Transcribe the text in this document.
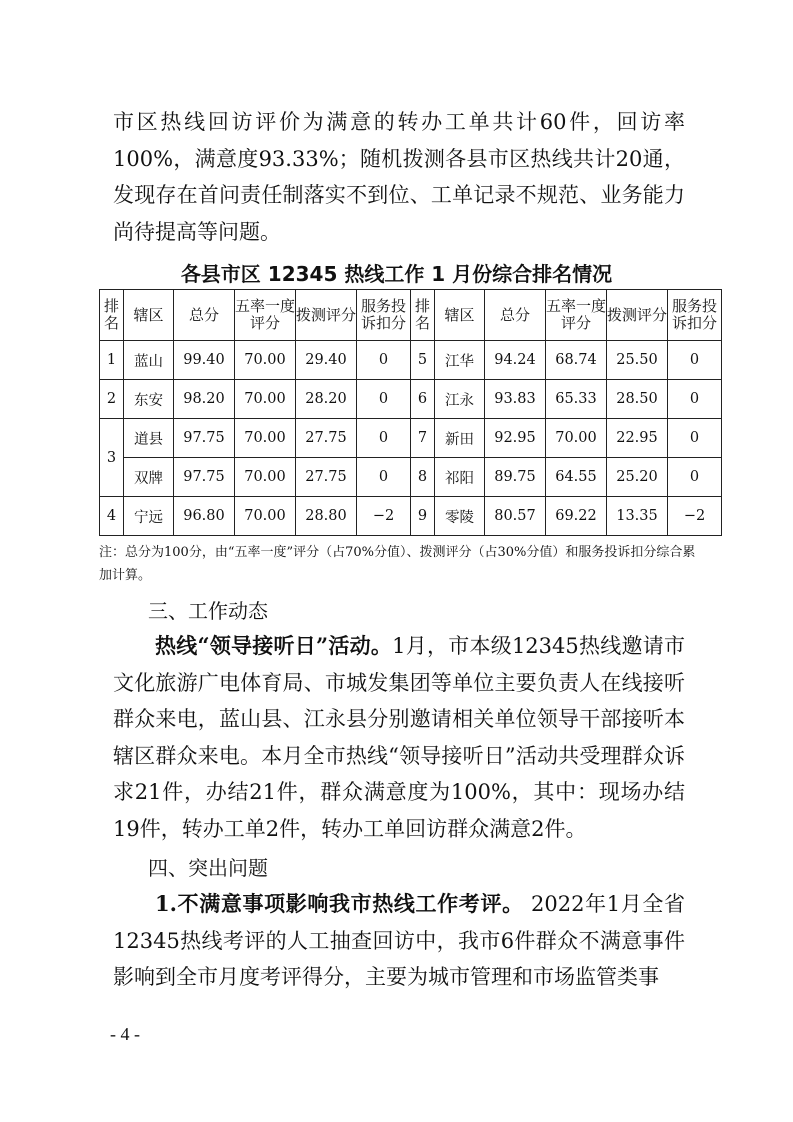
市区热线回访评价为满意的转办工单共计60件，回访率100%，满意度93.33%；随机拨测各县市区热线共计20通，发现存在首问责任制落实不到位、工单记录不规范、业务能力尚待提高等问题。

各县市区 12345 热线工作 1 月份综合排名情况
排名	辖区	总分	五率一度评分	拨测评分	服务投诉扣分	排名	辖区	总分	五率一度评分	拨测评分	服务投诉扣分
1	蓝山	99.40	70.00	29.40	0	5	江华	94.24	68.74	25.50	0
2	东安	98.20	70.00	28.20	0	6	江永	93.83	65.33	28.50	0
3	道县	97.75	70.00	27.75	0	7	新田	92.95	70.00	22.95	0
	双牌	97.75	70.00	27.75	0	8	祁阳	89.75	64.55	25.20	0
4	宁远	96.80	70.00	28.80	−2	9	零陵	80.57	69.22	13.35	−2
注：总分为100分，由“五率一度”评分（占70%分值）、拨测评分（占30%分值）和服务投诉扣分综合累加计算。
三、工作动态

热线“领导接听日”活动。1月，市本级12345热线邀请市文化旅游广电体育局、市城发集团等单位主要负责人在线接听群众来电，蓝山县、江永县分别邀请相关单位领导干部接听本辖区群众来电。本月全市热线“领导接听日”活动共受理群众诉求21件，办结21件，群众满意度为100%，其中：现场办结19件，转办工单2件，转办工单回访群众满意2件。

四、突出问题

1.不满意事项影响我市热线工作考评。 2022年1月全省12345热线考评的人工抽查回访中，我市6件群众不满意事件影响到全市月度考评得分，主要为城市管理和市场监管类事

- 4 -
